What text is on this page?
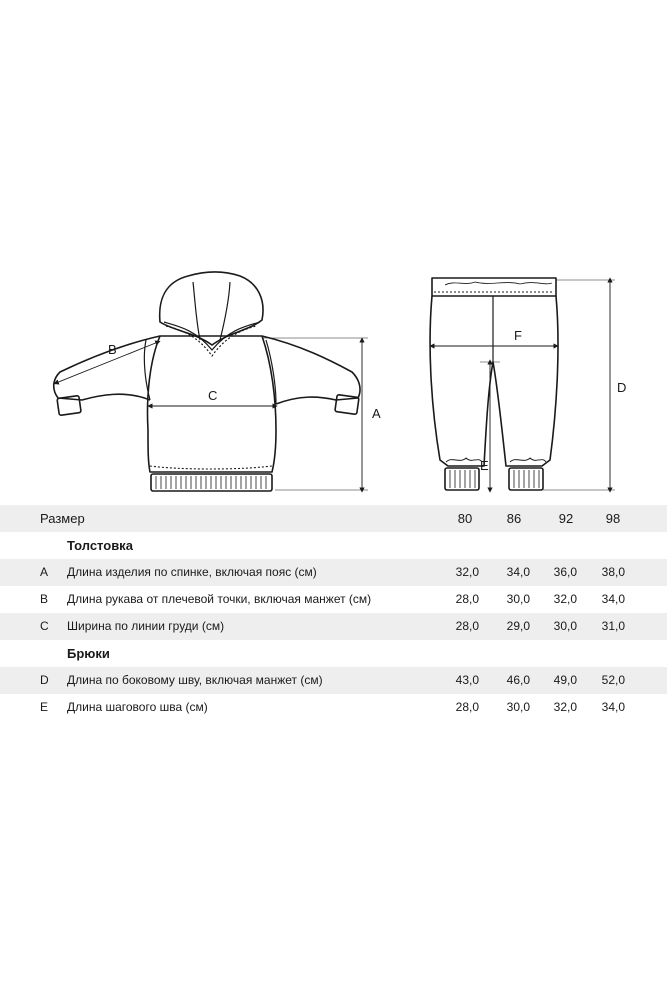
B
C
A
F
D
E
Размер	80	86	92	98
Толстовка
A Длина изделия по спинке, включая пояс (см)	32,0	34,0	36,0	38,0
B Длина рукава от плечевой точки, включая манжет (см)	28,0	30,0	32,0	34,0
C Ширина по линии груди (см)	28,0	29,0	30,0	31,0
Брюки
D Длина по боковому шву, включая манжет (см)	43,0	46,0	49,0	52,0
E Длина шагового шва (см)	28,0	30,0	32,0	34,0
